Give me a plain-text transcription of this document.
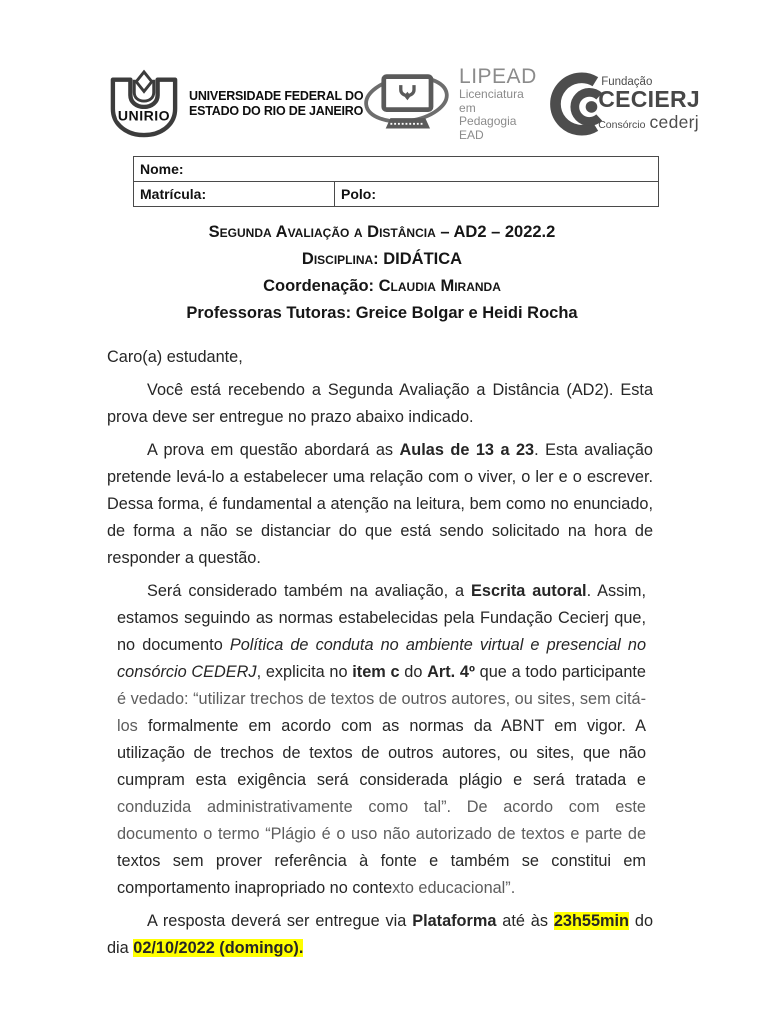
UNIRIO
UNIVERSIDADE FEDERAL DO
ESTADO DO RIO DE JANEIRO
LIPEAD
Licenciatura em
Pedagogia EAD
Fundação
CECIERJ
Consórcio cederj
Nome:
Matrícula:	Polo:

Segunda Avaliação a Distância – AD2 – 2022.2

Disciplina: DIDÁTICA

Coordenação: Claudia Miranda

Professoras Tutoras: Greice Bolgar e Heidi Rocha

Caro(a) estudante,

Você está recebendo a Segunda Avaliação a Distância (AD2). Esta prova deve ser entregue no prazo abaixo indicado.

A prova em questão abordará as Aulas de 13 a 23. Esta avaliação pretende levá-lo a estabelecer uma relação com o viver, o ler e o escrever. Dessa forma, é fundamental a atenção na leitura, bem como no enunciado, de forma a não se distanciar do que está sendo solicitado na hora de responder a questão.

Será considerado também na avaliação, a Escrita autoral. Assim, estamos seguindo as normas estabelecidas pela Fundação Cecierj que, no documento Política de conduta no ambiente virtual e presencial no consórcio CEDERJ, explicita no item c do Art. 4º que a todo participante é vedado: “utilizar trechos de textos de outros autores, ou sites, sem citá-los formalmente em acordo com as normas da ABNT em vigor. A utilização de trechos de textos de outros autores, ou sites, que não cumpram esta exigência será considerada plágio e será tratada e conduzida administrativamente como tal”. De acordo com este documento o termo “Plágio é o uso não autorizado de textos e parte de textos sem prover referência à fonte e também se constitui em comportamento inapropriado no contexto educacional”.

A resposta deverá ser entregue via Plataforma até às 23h55min do dia 02/10/2022 (domingo).
